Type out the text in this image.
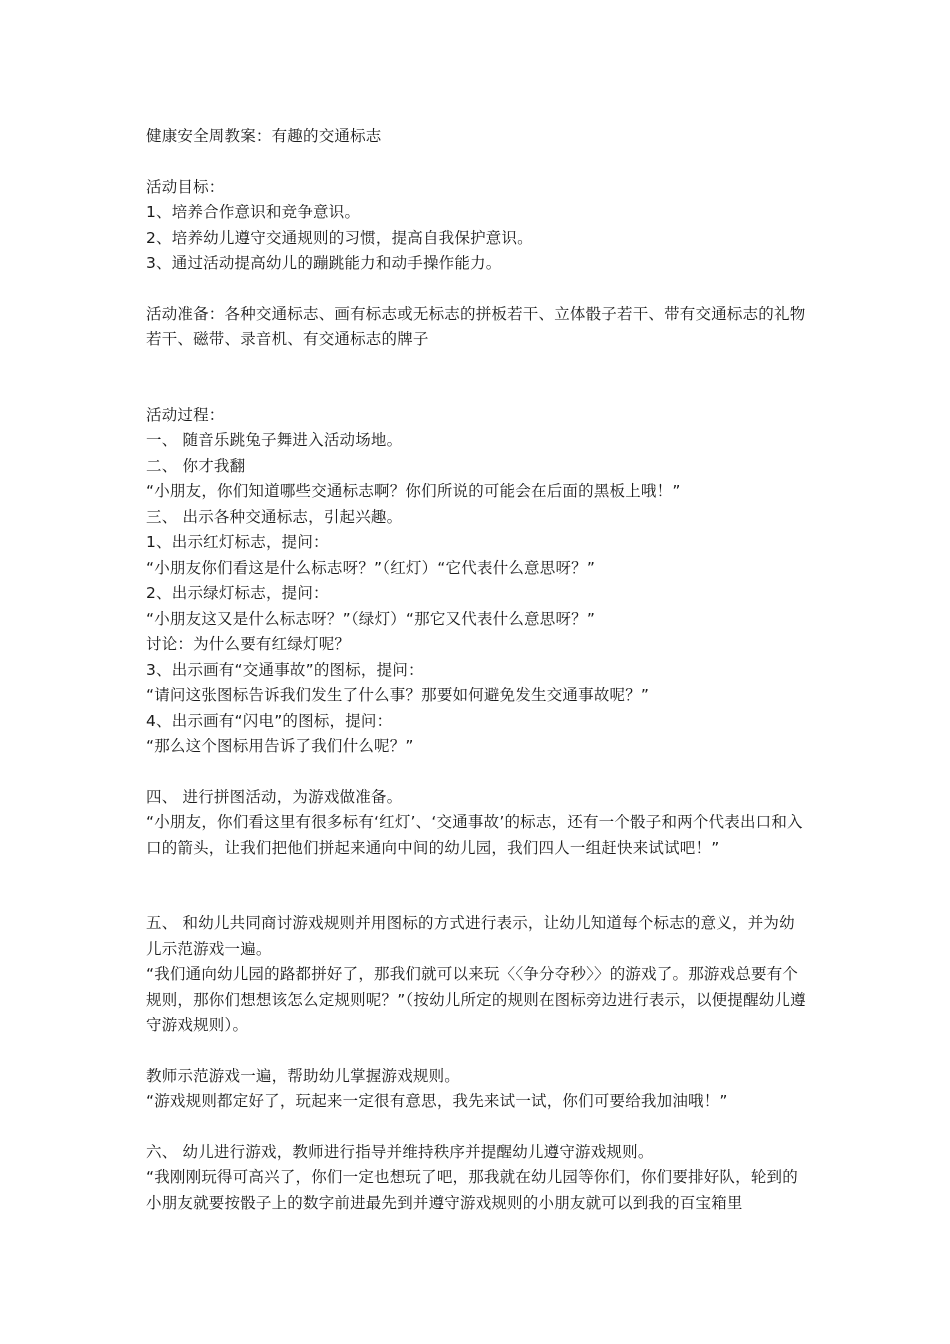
健康安全周教案：有趣的交通标志

活动目标：

1、培养合作意识和竞争意识。

2、培养幼儿遵守交通规则的习惯，提高自我保护意识。

3、通过活动提高幼儿的蹦跳能力和动手操作能力。

活动准备：各种交通标志、画有标志或无标志的拼板若干、立体骰子若干、带有交通标志的礼物若干、磁带、录音机、有交通标志的牌子

活动过程：

一、 随音乐跳兔子舞进入活动场地。

二、 你才我翻

“小朋友，你们知道哪些交通标志啊？你们所说的可能会在后面的黑板上哦！”

三、 出示各种交通标志，引起兴趣。

1、出示红灯标志，提问：

“小朋友你们看这是什么标志呀？”（红灯）“它代表什么意思呀？”

2、出示绿灯标志，提问：

“小朋友这又是什么标志呀？”（绿灯）“那它又代表什么意思呀？”

讨论：为什么要有红绿灯呢？

3、出示画有“交通事故”的图标，提问：

“请问这张图标告诉我们发生了什么事？那要如何避免发生交通事故呢？”

4、出示画有“闪电”的图标，提问：

“那么这个图标用告诉了我们什么呢？”

四、 进行拼图活动，为游戏做准备。

“小朋友，你们看这里有很多标有‘红灯’、‘交通事故’的标志，还有一个骰子和两个代表出口和入口的箭头，让我们把他们拼起来通向中间的幼儿园，我们四人一组赶快来试试吧！”

五、 和幼儿共同商讨游戏规则并用图标的方式进行表示，让幼儿知道每个标志的意义，并为幼儿示范游戏一遍。

“我们通向幼儿园的路都拼好了，那我们就可以来玩〈〈争分夺秒〉〉的游戏了。那游戏总要有个规则，那你们想想该怎么定规则呢？”（按幼儿所定的规则在图标旁边进行表示，以便提醒幼儿遵守游戏规则）。

教师示范游戏一遍，帮助幼儿掌握游戏规则。

“游戏规则都定好了，玩起来一定很有意思，我先来试一试，你们可要给我加油哦！”

六、 幼儿进行游戏，教师进行指导并维持秩序并提醒幼儿遵守游戏规则。

“我刚刚玩得可高兴了，你们一定也想玩了吧，那我就在幼儿园等你们，你们要排好队，轮到的小朋友就要按骰子上的数字前进最先到并遵守游戏规则的小朋友就可以到我的百宝箱里
